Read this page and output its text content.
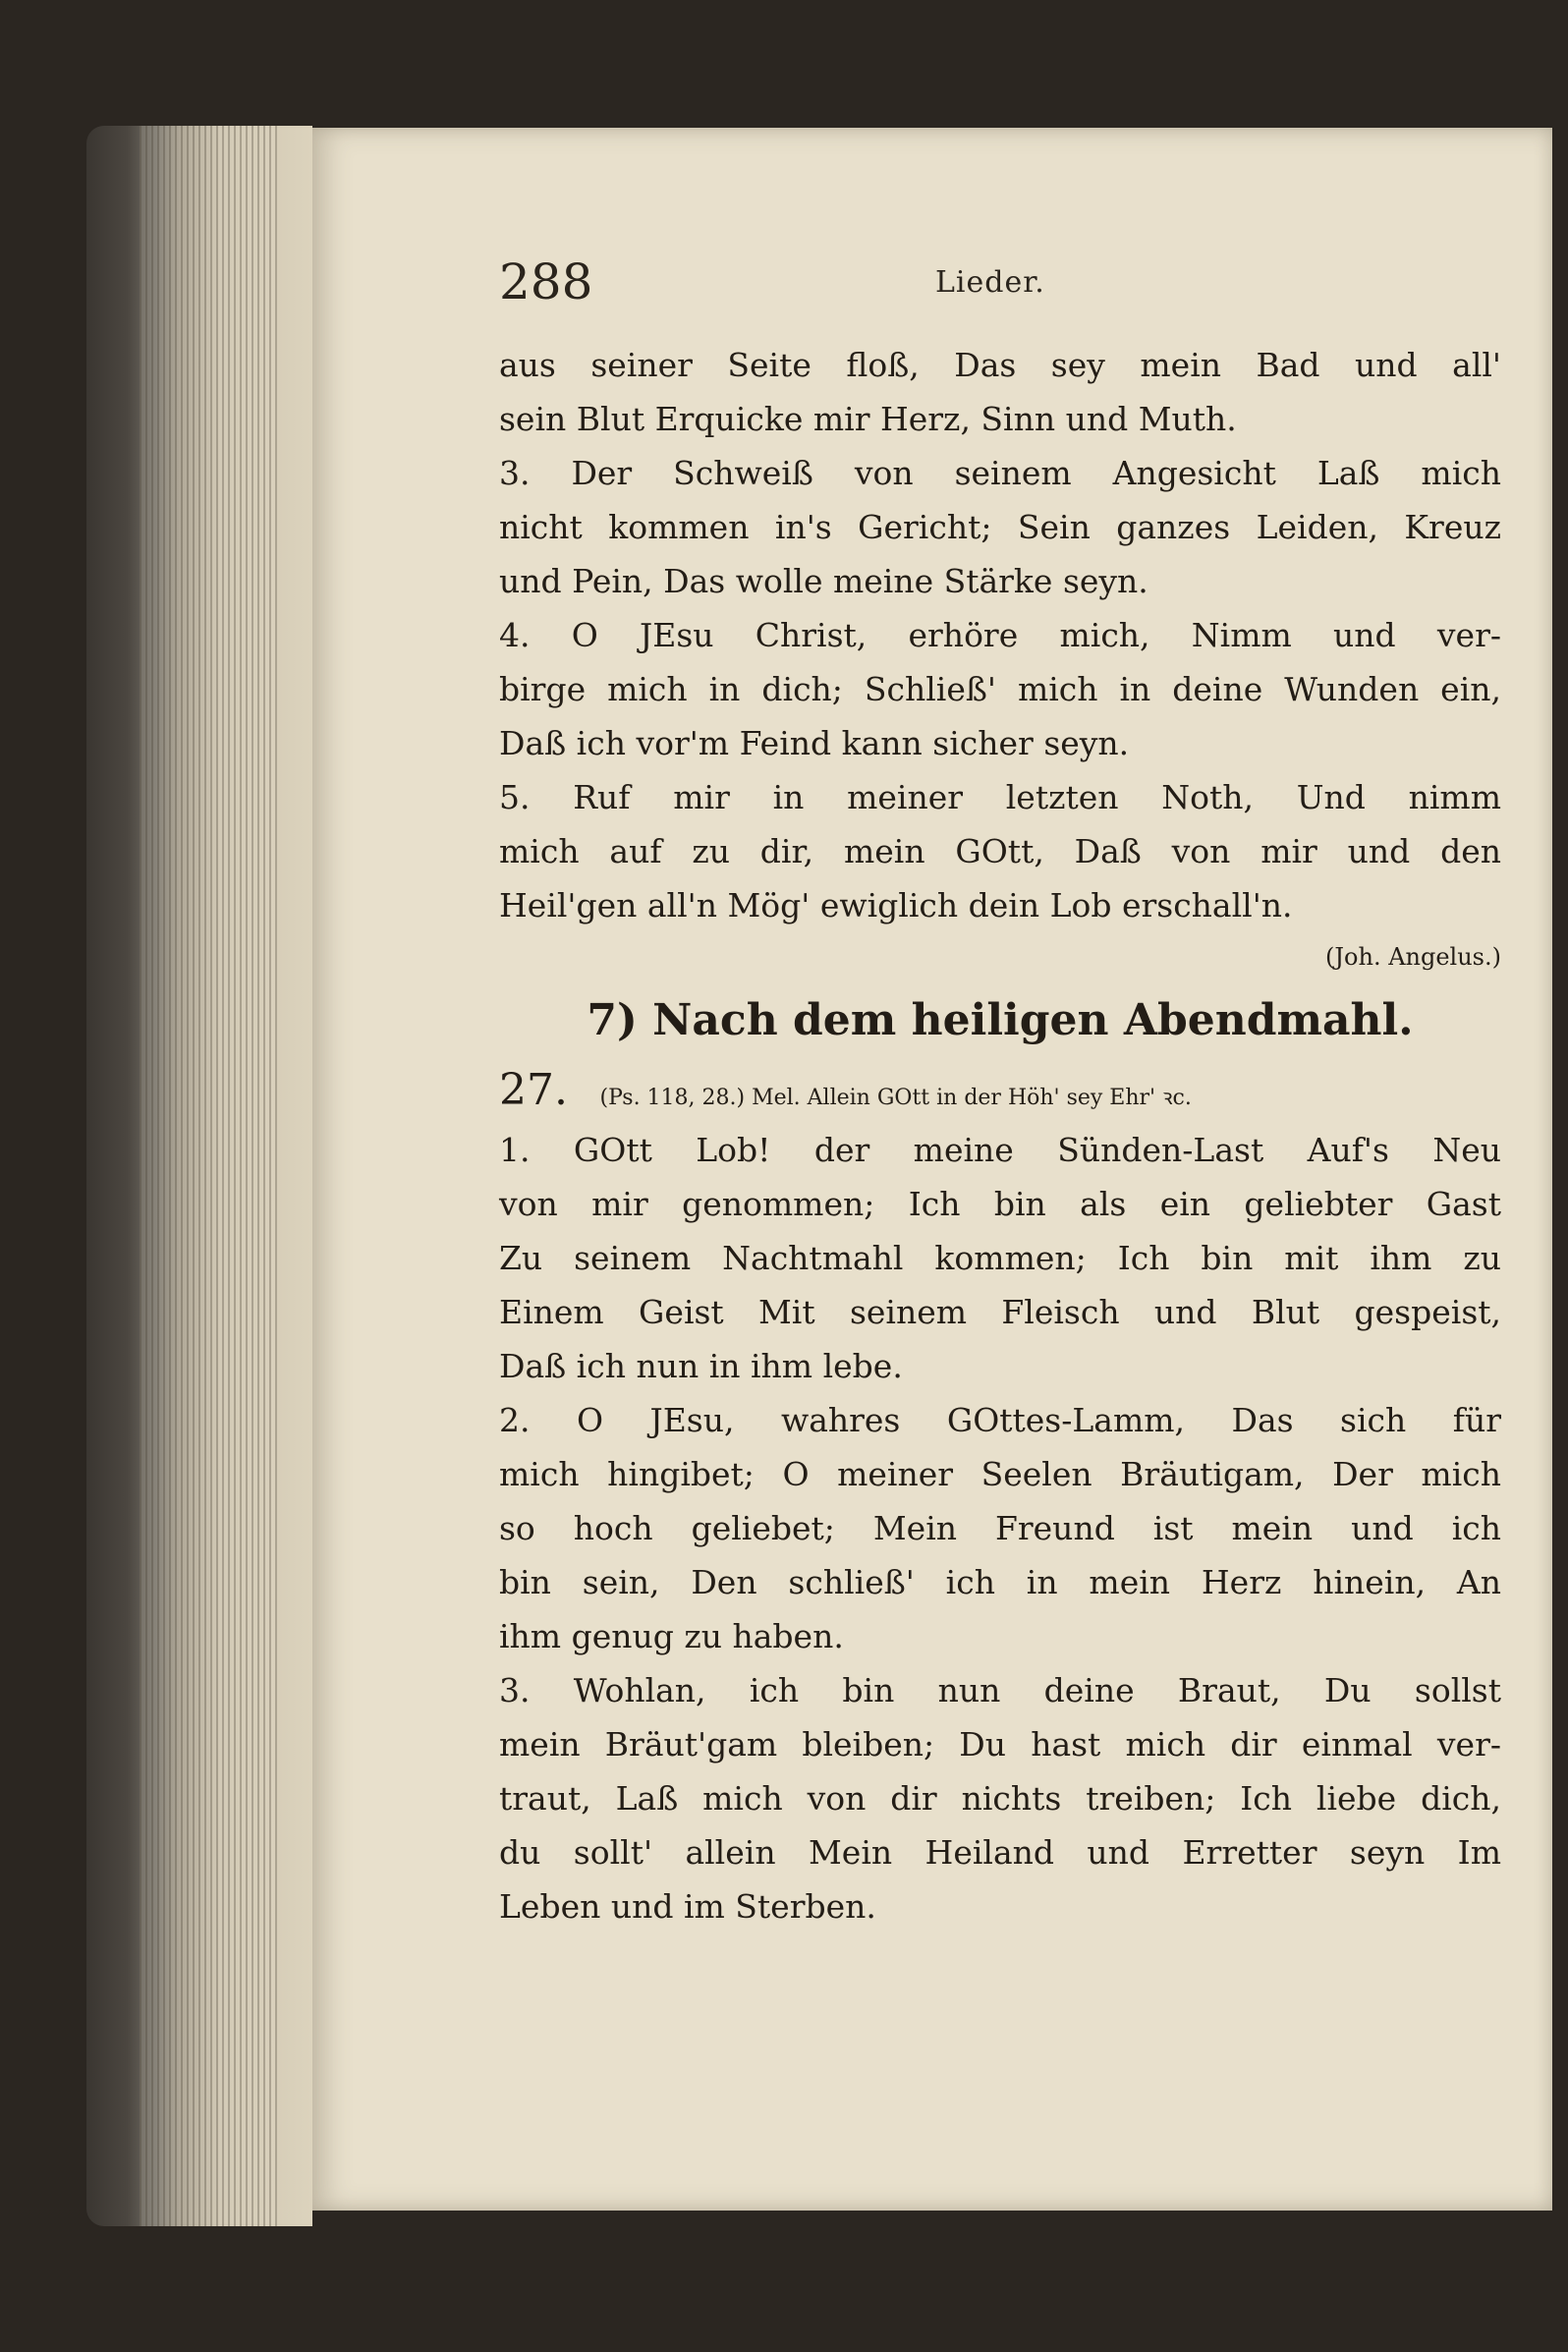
288	Lieder.
aus seiner Seite floß, Das sey mein Bad und all'
sein Blut Erquicke mir Herz, Sinn und Muth.
3. Der Schweiß von seinem Angesicht Laß mich
nicht kommen in's Gericht; Sein ganzes Leiden, Kreuz
und Pein, Das wolle meine Stärke seyn.
4. O JEsu Christ, erhöre mich, Nimm und ver-
birge mich in dich; Schließ' mich in deine Wunden ein,
Daß ich vor'm Feind kann sicher seyn.
5. Ruf mir in meiner letzten Noth, Und nimm
mich auf zu dir, mein GOtt, Daß von mir und den
Heil'gen all'n Mög' ewiglich dein Lob erschall'n.
(Joh. Angelus.)
7) Nach dem heiligen Abendmahl.
27. (Ps. 118, 28.) Mel. Allein GOtt in der Höh' sey Ehr' ꝛc.
1. GOtt Lob! der meine Sünden-Last Auf's Neu
von mir genommen; Ich bin als ein geliebter Gast
Zu seinem Nachtmahl kommen; Ich bin mit ihm zu
Einem Geist Mit seinem Fleisch und Blut gespeist,
Daß ich nun in ihm lebe.
2. O JEsu, wahres GOttes-Lamm, Das sich für
mich hingibet; O meiner Seelen Bräutigam, Der mich
so hoch geliebet; Mein Freund ist mein und ich
bin sein, Den schließ' ich in mein Herz hinein, An
ihm genug zu haben.
3. Wohlan, ich bin nun deine Braut, Du sollst
mein Bräut'gam bleiben; Du hast mich dir einmal ver-
traut, Laß mich von dir nichts treiben; Ich liebe dich,
du sollt' allein Mein Heiland und Erretter seyn Im
Leben und im Sterben.
